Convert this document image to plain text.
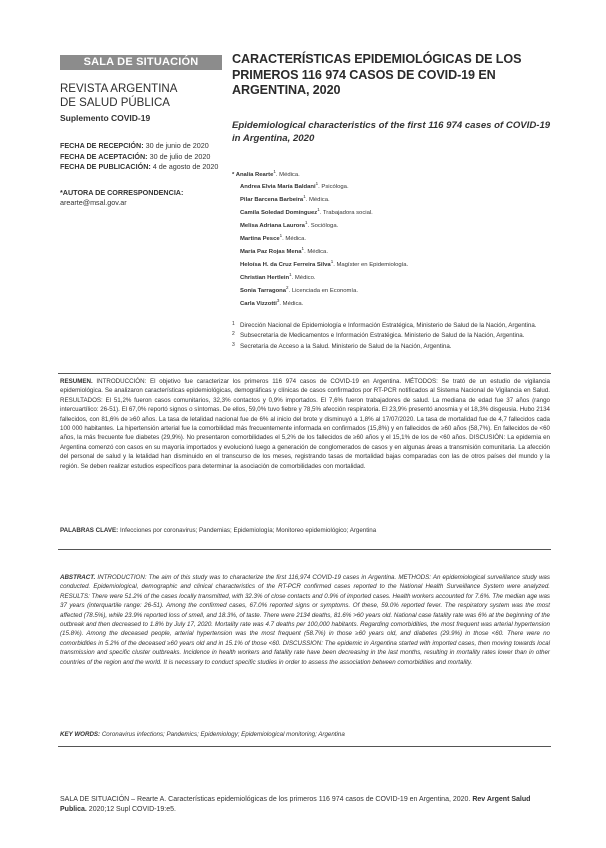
SALA DE SITUACIÓN
REVISTA ARGENTINA
DE SALUD PÚBLICA
Suplemento COVID-19
FECHA DE RECEPCIÓN: 30 de junio de 2020
FECHA DE ACEPTACIÓN: 30 de julio de 2020
FECHA DE PUBLICACIÓN: 4 de agosto de 2020
*AUTORA DE CORRESPONDENCIA:
arearte@msal.gov.ar
CARACTERÍSTICAS EPIDEMIOLÓGICAS DE LOS PRIMEROS 116 974 CASOS DE COVID-19 EN ARGENTINA, 2020
Epidemiological characteristics of the first 116 974 cases of COVID-19 in Argentina, 2020
* Analía Rearte$^1$. Médica.
Andrea Elvia María Baldani$^1$. Psicóloga.
Pilar Barcena Barbeira$^1$. Médica.
Camila Soledad Domínguez$^1$. Trabajadora social.
Melisa Adriana Laurora$^1$. Socióloga.
Martina Pesce$^1$. Médica.
María Paz Rojas Mena$^1$. Médica.
Heloísa H. da Cruz Ferreira Silva$^1$. Magíster en Epidemiología.
Christian Hertlein$^1$. Médico.
Sonia Tarragona$^2$. Licenciada en Economía.
Carla Vizzotti$^3$. Médica.
1 Dirección Nacional de Epidemiología e Información Estratégica, Ministerio de Salud de la Nación, Argentina.
2 Subsecretaría de Medicamentos e Información Estratégica. Ministerio de Salud de la Nación, Argentina.
3 Secretaría de Acceso a la Salud. Ministerio de Salud de la Nación, Argentina.
RESUMEN. INTRODUCCIÓN: El objetivo fue caracterizar los primeros 116 974 casos de COVID-19 en Argentina. MÉTODOS: Se trató de un estudio de vigilancia epidemiológica. Se analizaron características epidemiológicas, demográficas y clínicas de casos confirmados por RT-PCR notificados al Sistema Nacional de Vigilancia en Salud. RESULTADOS: El 51,2% fueron casos comunitarios, 32,3% contactos y 0,9% importados. El 7,6% fueron trabajadores de salud. La mediana de edad fue 37 años (rango intercuartílico: 26-51). El 67,0% reportó signos o síntomas. De ellos, 59,0% tuvo fiebre y 78,5% afección respiratoria. El 23,9% presentó anosmia y el 18,3% disgeusia. Hubo 2134 fallecidos, con 81,6% de ≥60 años. La tasa de letalidad nacional fue de 6% al inicio del brote y disminuyó a 1,8% al 17/07/2020. La tasa de mortalidad fue de 4,7 fallecidos cada 100 000 habitantes. La hipertensión arterial fue la comorbilidad más frecuentemente informada en confirmados (15,8%) y en fallecidos de ≥60 años (58,7%). En fallecidos de <60 años, la más frecuente fue diabetes (29,9%). No presentaron comorbilidades el 5,2% de los fallecidos de ≥60 años y el 15,1% de los de <60 años. DISCUSIÓN: La epidemia en Argentina comenzó con casos en su mayoría importados y evolucionó luego a generación de conglomerados de casos y en algunas áreas a transmisión comunitaria. La afección del personal de salud y la letalidad han disminuido en el transcurso de los meses, registrando tasas de mortalidad bajas comparadas con las de otros países del mundo y la región. Se deben realizar estudios específicos para determinar la asociación de comorbilidades con mortalidad.
PALABRAS CLAVE: Infecciones por coronavirus; Pandemias; Epidemiología; Monitoreo epidemiológico; Argentina
ABSTRACT. INTRODUCTION: The aim of this study was to characterize the first 116,974 COVID-19 cases in Argentina. METHODS: An epidemiological surveillance study was conducted. Epidemiological, demographic and clinical characteristics of the RT-PCR confirmed cases reported to the National Health Surveillance System were analyzed. RESULTS: There were 51.2% of the cases locally transmitted, with 32.3% of close contacts and 0.9% of imported cases. Health workers accounted for 7.6%. The median age was 37 years (interquartile range: 26-51). Among the confirmed cases, 67.0% reported signs or symptoms. Of these, 59.0% reported fever. The respiratory system was the most affected (78.5%), while 23.9% reported loss of smell, and 18.3%, of taste. There were 2134 deaths, 81.6% >60 years old. National case fatality rate was 6% at the beginning of the outbreak and then decreased to 1.8% by July 17, 2020. Mortality rate was 4.7 deaths per 100,000 habitants. Regarding comorbidities, the most frequent was arterial hypertension (15.8%). Among the deceased people, arterial hypertension was the most frequent (58.7%) in those ≥60 years old, and diabetes (29.9%) in those <60. There were no comorbidities in 5.2% of the deceased ≥60 years old and in 15.1% of those <60. DISCUSSION: The epidemic in Argentina started with imported cases, then moving towards local transmission and specific cluster outbreaks. Incidence in health workers and fatality rate have been decreasing in the last months, resulting in mortality rates lower than in other countries of the region and the world. It is necessary to conduct specific studies in order to assess the association between comorbidities and mortality.
KEY WORDS: Coronavirus infections; Pandemics; Epidemiology; Epidemiological monitoring; Argentina
SALA DE SITUACIÓN – Rearte A. Características epidemiológicas de los primeros 116 974 casos de COVID-19 en Argentina, 2020. Rev Argent Salud Publica. 2020;12 Supl COVID-19:e5.
